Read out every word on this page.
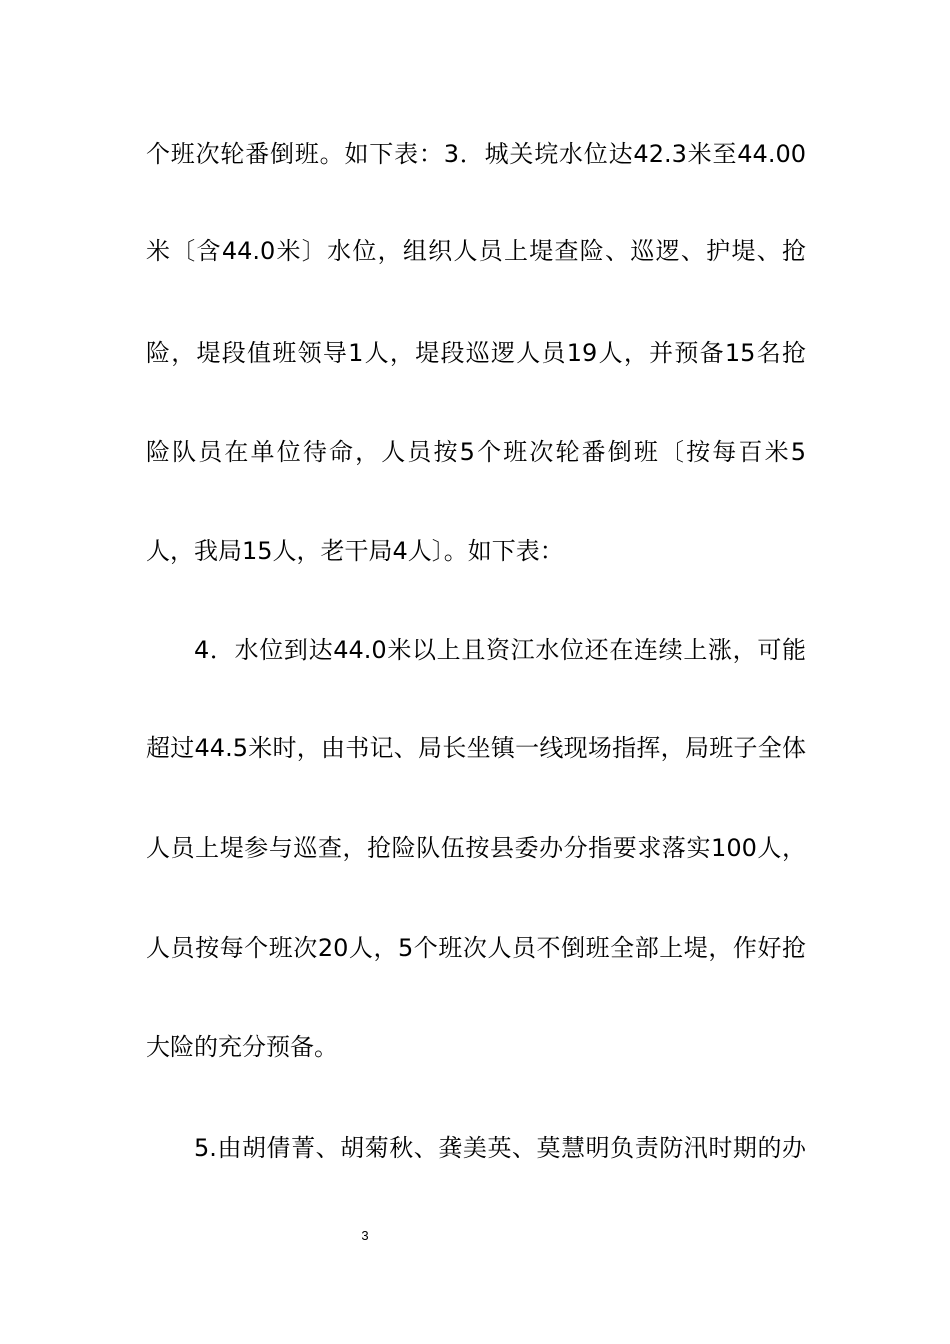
个班次轮番倒班。如下表：3．城关垸水位达42.3米至44.00
米〔含44.0米〕水位，组织人员上堤查险、巡逻、护堤、抢
险，堤段值班领导1人，堤段巡逻人员19人，并预备15名抢
险队员在单位待命，人员按5个班次轮番倒班〔按每百米5
人，我局15人，老干局4人〕。如下表：
4．水位到达44.0米以上且资江水位还在连续上涨，可能
超过44.5米时，由书记、局长坐镇一线现场指挥，局班子全体
人员上堤参与巡查，抢险队伍按县委办分指要求落实100人，
人员按每个班次20人，5个班次人员不倒班全部上堤，作好抢
大险的充分预备。
5.由胡倩菁、胡菊秋、龚美英、莫慧明负责防汛时期的办
3
